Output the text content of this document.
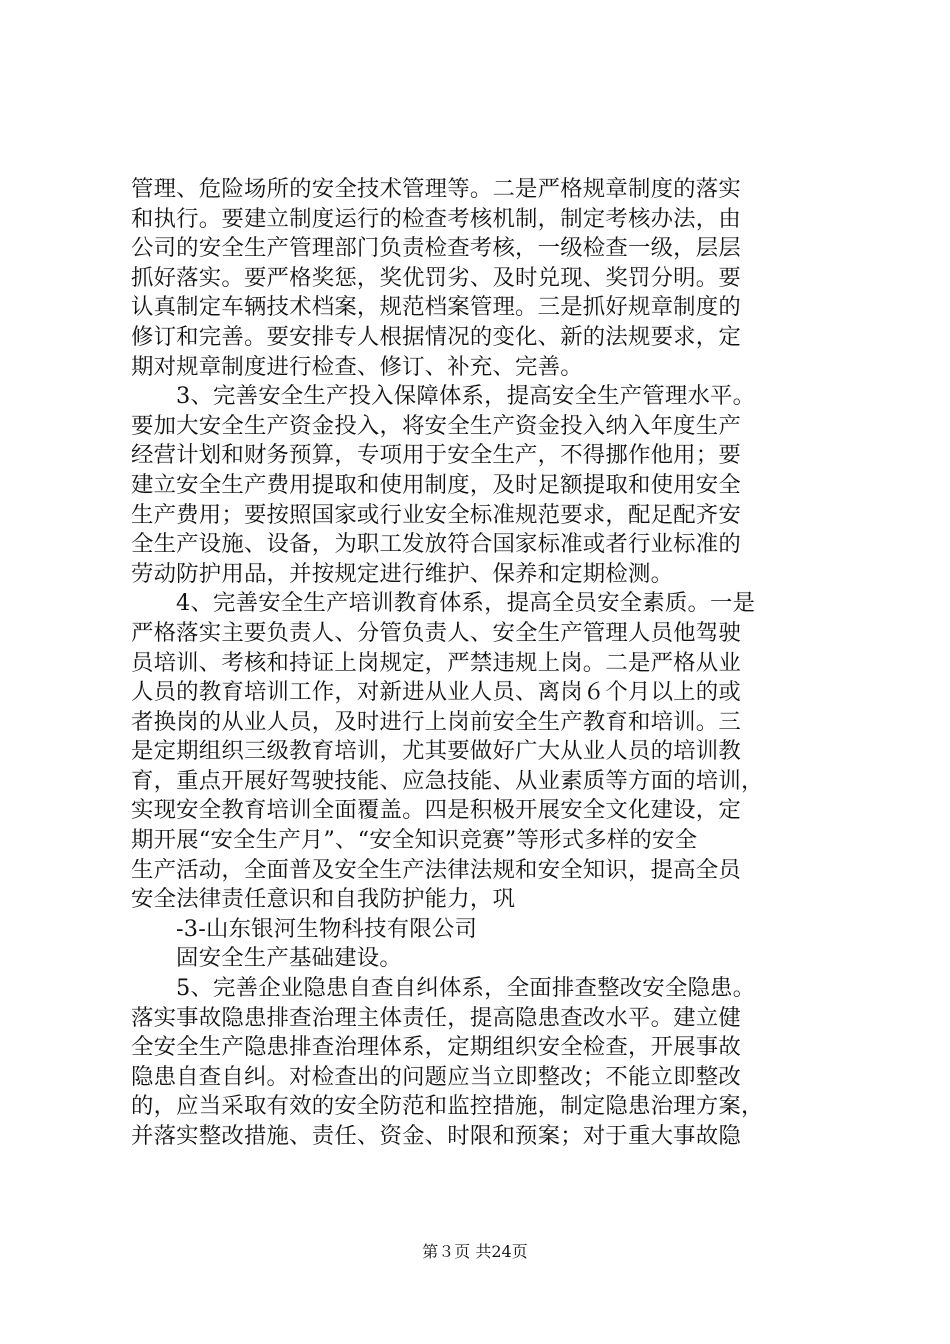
管理、危险场所的安全技术管理等。二是严格规章制度的落实
和执行。要建立制度运行的检查考核机制，制定考核办法，由
公司的安全生产管理部门负责检查考核，一级检查一级，层层
抓好落实。要严格奖惩，奖优罚劣、及时兑现、奖罚分明。要
认真制定车辆技术档案，规范档案管理。三是抓好规章制度的
修订和完善。要安排专人根据情况的变化、新的法规要求，定
期对规章制度进行检查、修订、补充、完善。
3、完善安全生产投入保障体系，提高安全生产管理水平。
要加大安全生产资金投入，将安全生产资金投入纳入年度生产
经营计划和财务预算，专项用于安全生产，不得挪作他用；要
建立安全生产费用提取和使用制度，及时足额提取和使用安全
生产费用；要按照国家或行业安全标准规范要求，配足配齐安
全生产设施、设备，为职工发放符合国家标准或者行业标准的
劳动防护用品，并按规定进行维护、保养和定期检测。
4、完善安全生产培训教育体系，提高全员安全素质。一是
严格落实主要负责人、分管负责人、安全生产管理人员他驾驶
员培训、考核和持证上岗规定，严禁违规上岗。二是严格从业
人员的教育培训工作，对新进从业人员、离岗６个月以上的或
者换岗的从业人员，及时进行上岗前安全生产教育和培训。三
是定期组织三级教育培训，尤其要做好广大从业人员的培训教
育，重点开展好驾驶技能、应急技能、从业素质等方面的培训，
实现安全教育培训全面覆盖。四是积极开展安全文化建设，定
期开展“安全生产月”、“安全知识竞赛”等形式多样的安全
生产活动，全面普及安全生产法律法规和安全知识，提高全员
安全法律责任意识和自我防护能力，巩
-3-山东银河生物科技有限公司
固安全生产基础建设。
5、完善企业隐患自查自纠体系，全面排查整改安全隐患。
落实事故隐患排查治理主体责任，提高隐患查改水平。建立健
全安全生产隐患排查治理体系，定期组织安全检查，开展事故
隐患自查自纠。对检查出的问题应当立即整改；不能立即整改
的，应当采取有效的安全防范和监控措施，制定隐患治理方案，
并落实整改措施、责任、资金、时限和预案；对于重大事故隐
第３页 共24页
